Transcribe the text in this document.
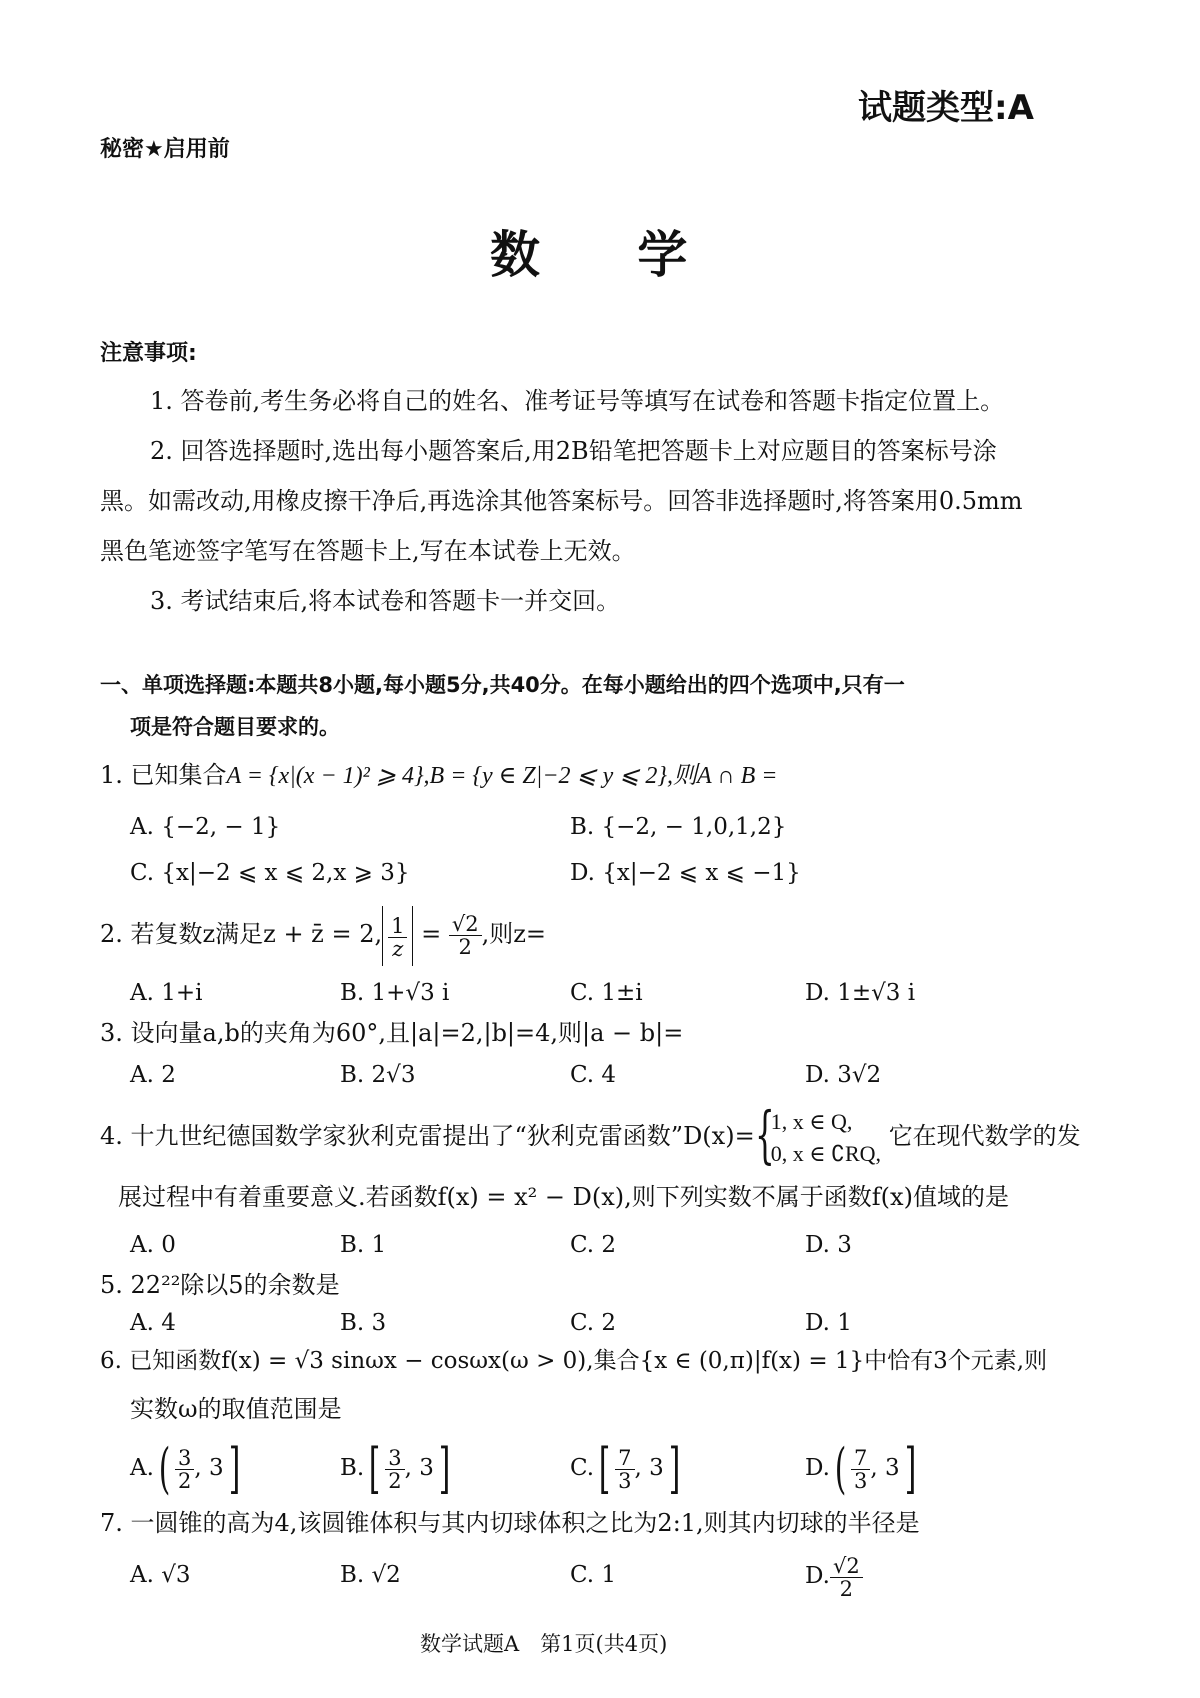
试题类型:A
秘密★启用前
数 学
注意事项:
1. 答卷前,考生务必将自己的姓名、准考证号等填写在试卷和答题卡指定位置上。
2. 回答选择题时,选出每小题答案后,用2B铅笔把答题卡上对应题目的答案标号涂
黑。如需改动,用橡皮擦干净后,再选涂其他答案标号。回答非选择题时,将答案用0.5mm
黑色笔迹签字笔写在答题卡上,写在本试卷上无效。
3. 考试结束后,将本试卷和答题卡一并交回。
一、单项选择题:本题共8小题,每小题5分,共40分。在每小题给出的四个选项中,只有一
项是符合题目要求的。
1. 已知集合A = {x|(x − 1)² ⩾ 4},B = {y ∈ Z|−2 ⩽ y ⩽ 2},则A ∩ B =
A. {−2, − 1}	B. {−2, − 1,0,1,2}
C. {x|−2 ⩽ x ⩽ 2,x ⩾ 3}	D. {x|−2 ⩽ x ⩽ −1}
2. 若复数z满足z + z̄ = 2, $\frac{1}{z} = \frac{√2}{2}$ ,则z=
A. 1+i	B. 1+√3 i	C. 1±i	D. 1±√3 i
3. 设向量a,b的夹角为60°,且|a|=2,|b|=4,则|a − b|=
A. 2	B. 2√3	C. 4	D. 3√2
4. 十九世纪德国数学家狄利克雷提出了“狄利克雷函数”D(x)= {
1, x ∈ Q,
0, x ∈ ∁RQ,
它在现代数学的发
展过程中有着重要意义.若函数f(x) = x² − D(x),则下列实数不属于函数f(x)值域的是
A. 0	B. 1	C. 2	D. 3
5. 22²²除以5的余数是
A. 4	B. 3	C. 2	D. 1
6. 已知函数f(x) = √3 sinωx − cosωx(ω > 0),集合{x ∈ (0,π)|f(x) = 1}中恰有3个元素,则
实数ω的取值范围是
$A.( \frac{3}{2}$ , 3]	$B.[ \frac{3}{2}$ , 3]	$C.[ \frac{7}{3}$ , 3]	$D.( \frac{7}{3}$ , 3]
7. 一圆锥的高为4,该圆锥体积与其内切球体积之比为2:1,则其内切球的半径是
A. √3	B. √2	C. 1	D. $\frac{√2}{2}$
数学试题A　第1页(共4页)
